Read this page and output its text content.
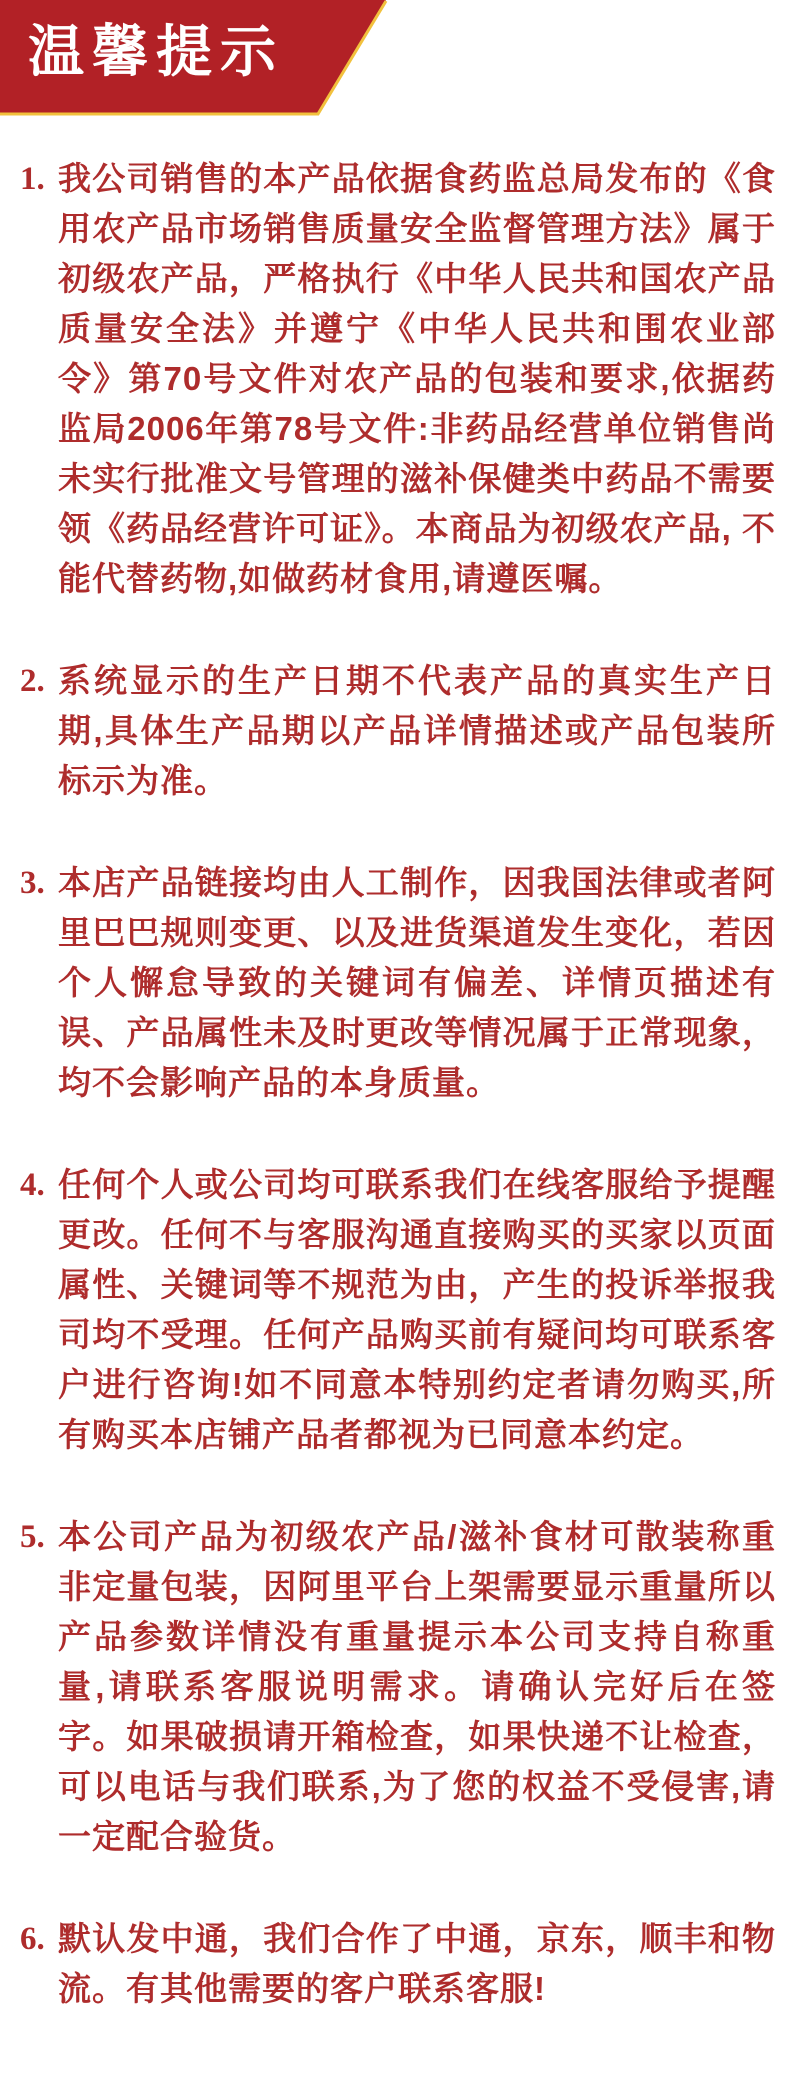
温馨提示
1. 我公司销售的本产品依据食药监总局发布的《食用农产品市场销售质量安全监督管理方法》属于初级农产品，严格执行《中华人民共和国农产品质量安全法》并遵宁《中华人民共和围农业部令》第70号文件对农产品的包装和要求,依据药监局2006年第78号文件:非药品经营单位销售尚未实行批准文号管理的滋补保健类中药品不需要领《药品经营许可证》。本商品为初级农产品, 不能代替药物,如做药材食用,请遵医嘱。
2. 系统显示的生产日期不代表产品的真实生产日期,具体生产品期以产品详情描述或产品包装所标示为准。
3. 本店产品链接均由人工制作，因我国法律或者阿里巴巴规则变更、以及进货渠道发生变化，若因个人懈怠导致的关键词有偏差、详情页描述有误、产品属性未及时更改等情况属于正常现象，均不会影响产品的本身质量。
4. 任何个人或公司均可联系我们在线客服给予提醒更改。任何不与客服沟通直接购买的买家以页面属性、关键词等不规范为由，产生的投诉举报我司均不受理。任何产品购买前有疑问均可联系客户进行咨询!如不同意本特别约定者请勿购买,所有购买本店铺产品者都视为已同意本约定。
5. 本公司产品为初级农产品/滋补食材可散装称重非定量包装，因阿里平台上架需要显示重量所以产品参数详情没有重量提示本公司支持自称重量,请联系客服说明需求。请确认完好后在签字。如果破损请开箱检查，如果快递不让检查，可以电话与我们联系,为了您的权益不受侵害,请一定配合验货。
6. 默认发中通，我们合作了中通，京东，顺丰和物流。有其他需要的客户联系客服!
